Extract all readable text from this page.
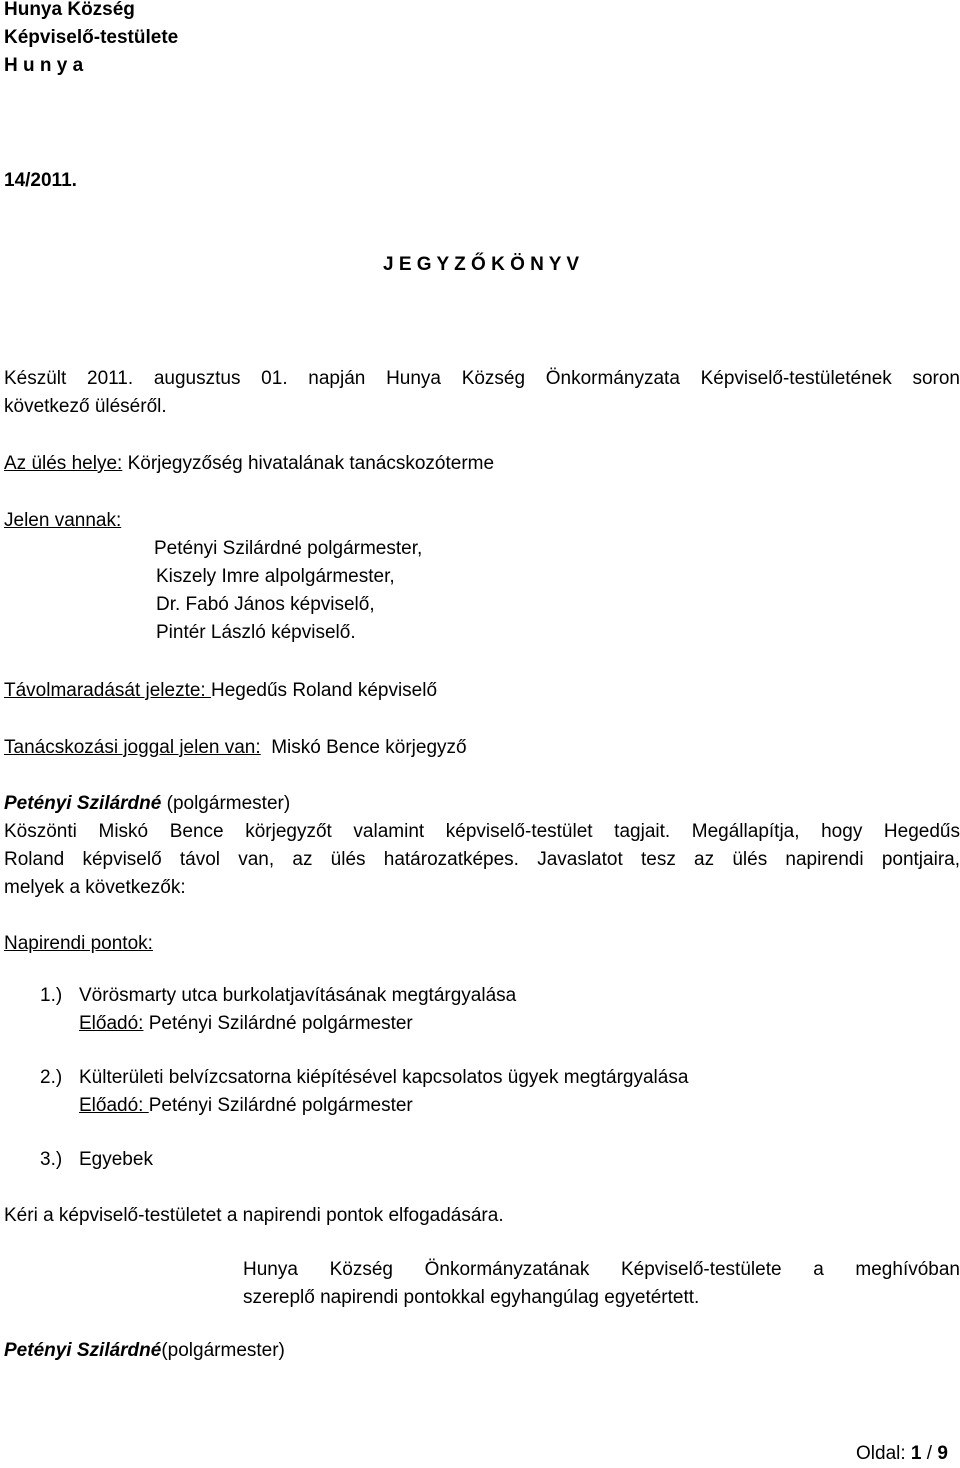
Hunya Község
Képviselő-testülete
H u n y a
14/2011.
J E G Y Z Ő K Ö N Y V
Készült 2011. augusztus 01. napján Hunya Község Önkormányzata Képviselő-testületének soron
következő üléséről.
Az ülés helye: Körjegyzőség hivatalának tanácskozóterme
Jelen vannak:
Petényi Szilárdné polgármester,
Kiszely Imre alpolgármester,
Dr. Fabó János képviselő,
Pintér László képviselő.
Távolmaradását jelezte: Hegedűs Roland képviselő
Tanácskozási joggal jelen van:  Miskó Bence körjegyző
Petényi Szilárdné (polgármester)
Köszönti Miskó Bence körjegyzőt valamint képviselő-testület tagjait. Megállapítja, hogy Hegedűs
Roland képviselő távol van, az ülés határozatképes. Javaslatot tesz az ülés napirendi pontjaira,
melyek a következők:
Napirendi pontok:
1.) Vörösmarty utca burkolatjavításának megtárgyalása
Előadó: Petényi Szilárdné polgármester
2.) Külterületi belvízcsatorna kiépítésével kapcsolatos ügyek megtárgyalása
Előadó: Petényi Szilárdné polgármester
3.) Egyebek
Kéri a képviselő-testületet a napirendi pontok elfogadására.
Hunya Község Önkormányzatának Képviselő-testülete a meghívóban
szereplő napirendi pontokkal egyhangúlag egyetértett.
Petényi Szilárdné(polgármester)
Oldal: 1 / 9
